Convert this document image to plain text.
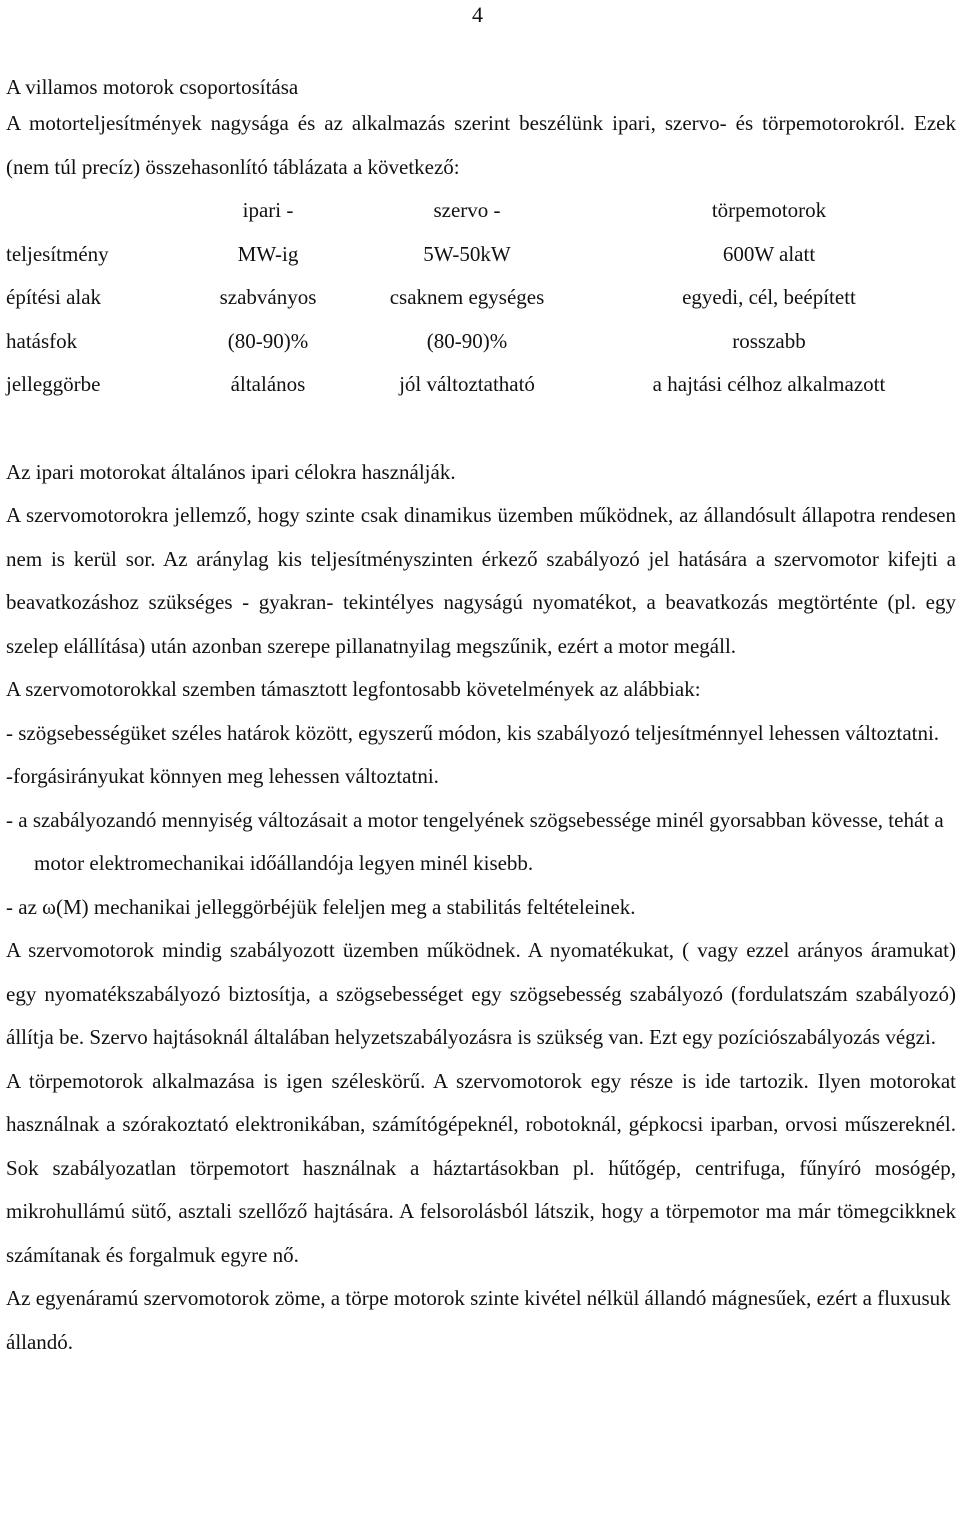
4

A villamos motorok csoportosítása

A motorteljesítmények nagysága és az alkalmazás szerint beszélünk ipari, szervo- és törpemotorokról. Ezek (nem túl precíz) összehasonlító táblázata a következő:

	ipari -	szervo -	törpemotorok
teljesítmény	MW-ig	5W-50kW	600W alatt
építési alak	szabványos	csaknem egységes	egyedi, cél, beépített
hatásfok	(80-90)%	(80-90)%	rosszabb
jelleggörbe	általános	jól változtatható	a hajtási célhoz alkalmazott

Az ipari motorokat általános ipari célokra használják.

A szervomotorokra jellemző, hogy szinte csak dinamikus üzemben működnek, az állandósult állapotra rendesen nem is kerül sor. Az aránylag kis teljesítményszinten érkező szabályozó jel hatására a szervomotor kifejti a beavatkozáshoz szükséges - gyakran- tekintélyes nagyságú nyomatékot, a beavatkozás megtörténte (pl. egy szelep elállítása) után azonban szerepe pillanatnyilag megszűnik, ezért a motor megáll.

A szervomotorokkal szemben támasztott legfontosabb követelmények az alábbiak:

- szögsebességüket széles határok között, egyszerű módon, kis szabályozó teljesítménnyel lehessen változtatni.

-forgásirányukat könnyen meg lehessen változtatni.

- a szabályozandó mennyiség változásait a motor tengelyének szögsebessége minél gyorsabban kövesse, tehát a motor elektromechanikai időállandója legyen minél kisebb.

- az ω(M) mechanikai jelleggörbéjük feleljen meg a stabilitás feltételeinek.

A szervomotorok mindig szabályozott üzemben működnek. A nyomatékukat, ( vagy ezzel arányos áramukat) egy nyomatékszabályozó biztosítja, a szögsebességet egy szögsebesség szabályozó (fordulatszám szabályozó) állítja be. Szervo hajtásoknál általában helyzetszabályozásra is szükség van. Ezt egy pozíciószabályozás végzi.

A törpemotorok alkalmazása is igen széleskörű. A szervomotorok egy része is ide tartozik. Ilyen motorokat használnak a szórakoztató elektronikában, számítógépeknél, robotoknál, gépkocsi iparban, orvosi műszereknél. Sok szabályozatlan törpemotort használnak a háztartásokban pl. hűtőgép, centrifuga, fűnyíró mosógép, mikrohullámú sütő, asztali szellőző hajtására. A felsorolásból látszik, hogy a törpemotor ma már tömegcikknek számítanak és forgalmuk egyre nő.

Az egyenáramú szervomotorok zöme, a törpe motorok szinte kivétel nélkül állandó mágnesűek, ezért a fluxusuk állandó.
